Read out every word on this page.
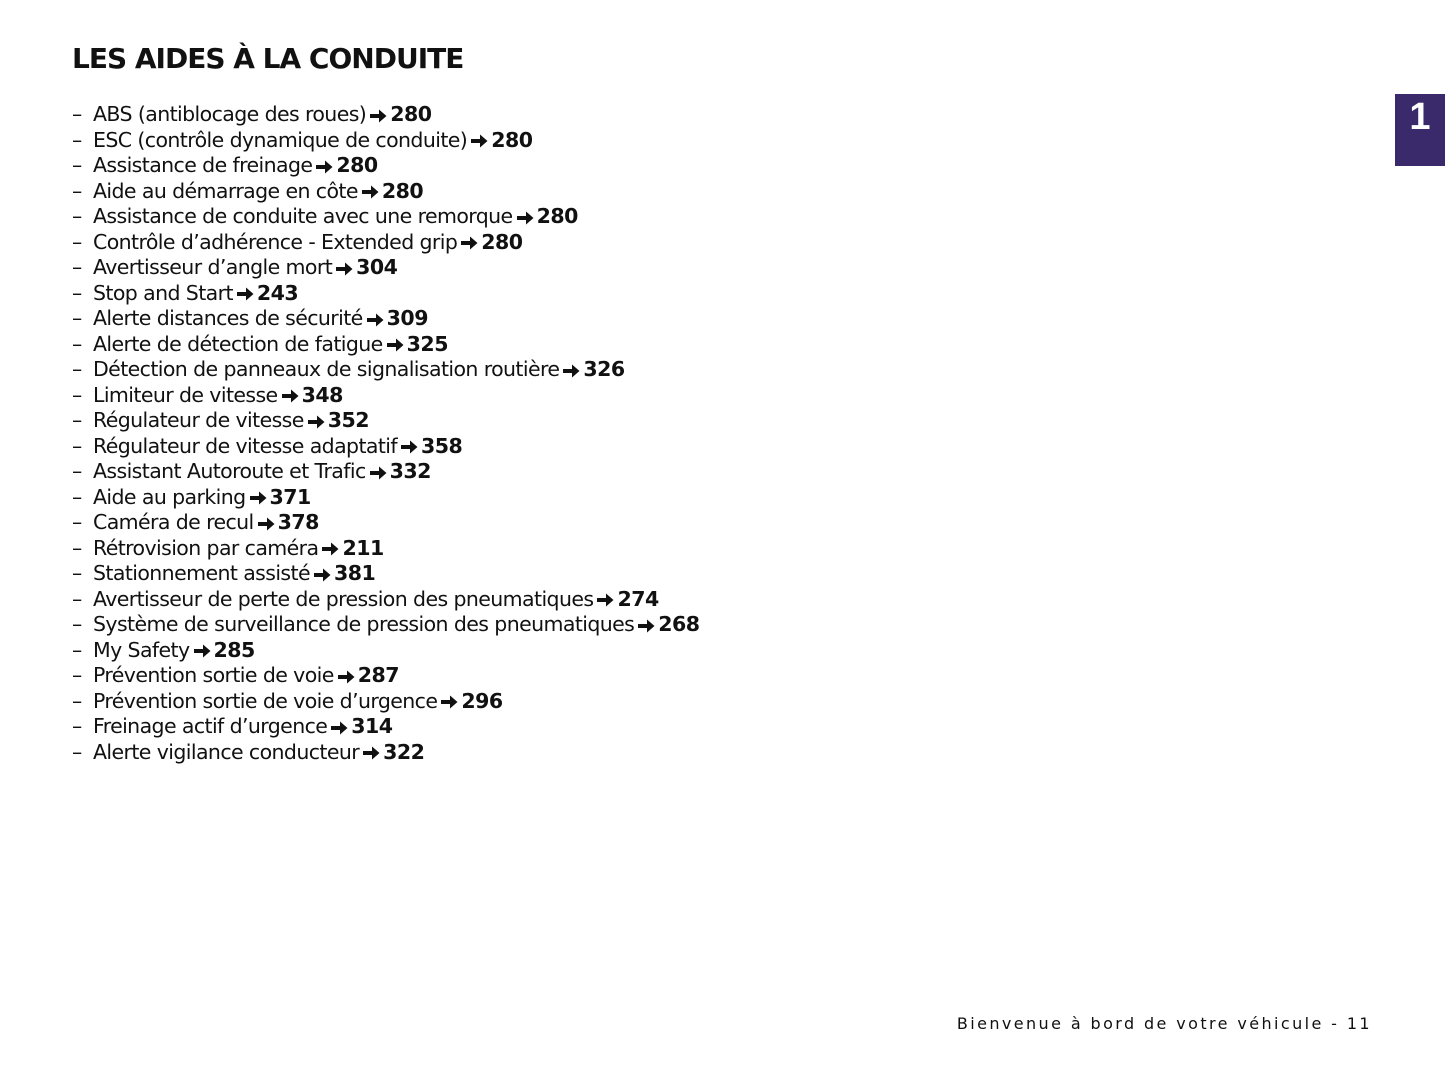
LES AIDES À LA CONDUITE
– ABS (antiblocage des roues) 280
– ESC (contrôle dynamique de conduite) 280
– Assistance de freinage 280
– Aide au démarrage en côte 280
– Assistance de conduite avec une remorque 280
– Contrôle d’adhérence - Extended grip 280
– Avertisseur d’angle mort 304
– Stop and Start 243
– Alerte distances de sécurité 309
– Alerte de détection de fatigue 325
– Détection de panneaux de signalisation routière 326
– Limiteur de vitesse 348
– Régulateur de vitesse 352
– Régulateur de vitesse adaptatif 358
– Assistant Autoroute et Trafic 332
– Aide au parking 371
– Caméra de recul 378
– Rétrovision par caméra 211
– Stationnement assisté 381
– Avertisseur de perte de pression des pneumatiques 274
– Système de surveillance de pression des pneumatiques 268
– My Safety 285
– Prévention sortie de voie 287
– Prévention sortie de voie d’urgence 296
– Freinage actif d’urgence 314
– Alerte vigilance conducteur 322
1
Bienvenue à bord de votre véhicule - 11
